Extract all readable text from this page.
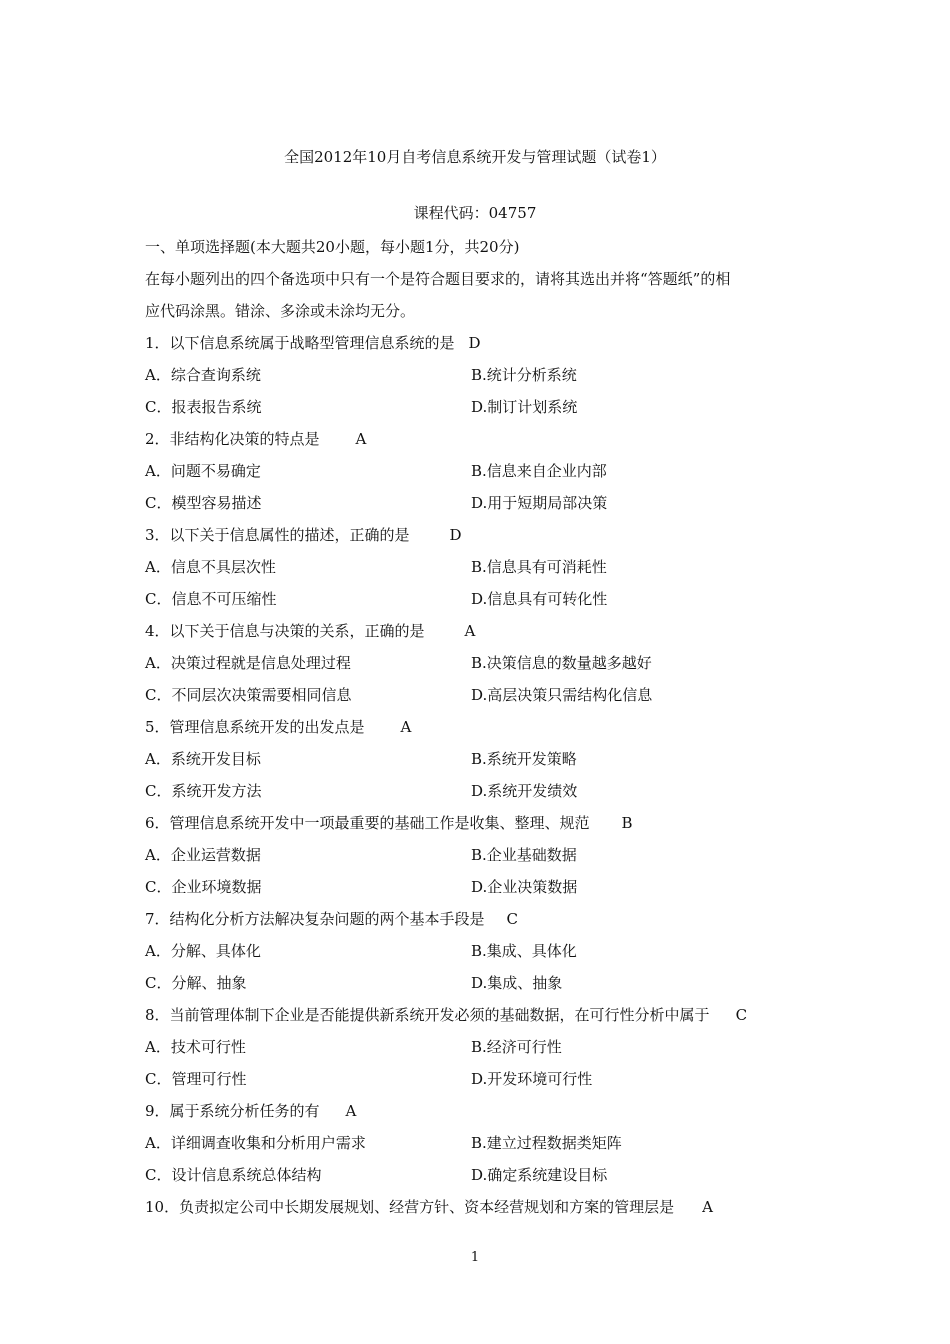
全国2012年10月自考信息系统开发与管理试题（试卷1）
课程代码：04757
一、单项选择题(本大题共20小题，每小题1分，共20分)
在每小题列出的四个备选项中只有一个是符合题目要求的，请将其选出并将“答题纸”的相
应代码涂黑。错涂、多涂或未涂均无分。
1．以下信息系统属于战略型管理信息系统的是 D
A．综合查询系统	B.统计分析系统
C．报表报告系统	D.制订计划系统
2．非结构化决策的特点是 A
A．问题不易确定	B.信息来自企业内部
C．模型容易描述	D.用于短期局部决策
3．以下关于信息属性的描述，正确的是	D
A．信息不具层次性	B.信息具有可消耗性
C．信息不可压缩性	D.信息具有可转化性
4．以下关于信息与决策的关系，正确的是	A
A．决策过程就是信息处理过程	B.决策信息的数量越多越好
C．不同层次决策需要相同信息	D.高层决策只需结构化信息
5．管理信息系统开发的出发点是 A
A．系统开发目标	B.系统开发策略
C．系统开发方法	D.系统开发绩效
6．管理信息系统开发中一项最重要的基础工作是收集、整理、规范 B
A．企业运营数据	B.企业基础数据
C．企业环境数据	D.企业决策数据
7．结构化分析方法解决复杂问题的两个基本手段是 C
A．分解、具体化	B.集成、具体化
C．分解、抽象	D.集成、抽象
8．当前管理体制下企业是否能提供新系统开发必须的基础数据，在可行性分析中属于 C
A．技术可行性	B.经济可行性
C．管理可行性	D.开发环境可行性
9．属于系统分析任务的有 A
A．详细调查收集和分析用户需求	B.建立过程数据类矩阵
C．设计信息系统总体结构	D.确定系统建设目标
10．负责拟定公司中长期发展规划、经营方针、资本经营规划和方案的管理层是 A
1
